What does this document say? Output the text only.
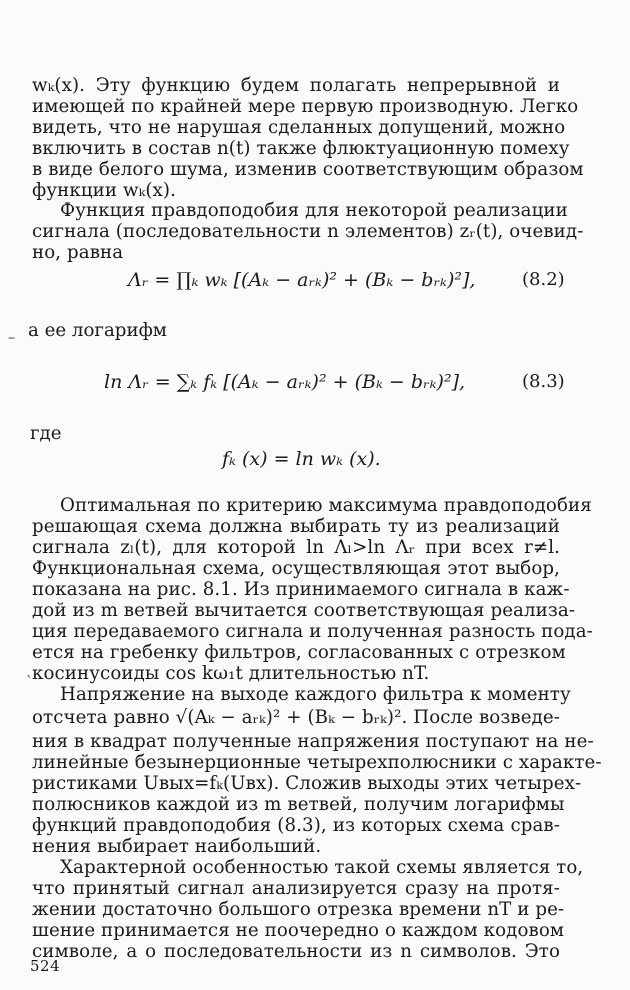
wₖ(x). Эту функцию будем полагать непрерывной и
имеющей по крайней мере первую производную. Легко
видеть, что не нарушая сделанных допущений, можно
включить в состав n(t) также флюктуационную помеху
в виде белого шума, изменив соответствующим образом
функции wₖ(x).
Функция правдоподобия для некоторой реализации
сигнала (последовательности n элементов) zᵣ(t), очевид-
но, равна
Λᵣ = ∏ₖ wₖ [(Aₖ − aᵣₖ)² + (Bₖ − bᵣₖ)²],	(8.2)
а ее логарифм
ln Λᵣ = ∑ₖ fₖ [(Aₖ − aᵣₖ)² + (Bₖ − bᵣₖ)²],	(8.3)
где
fₖ (x) = ln wₖ (x).
Оптимальная по критерию максимума правдоподобия
решающая схема должна выбирать ту из реализаций
сигнала zₗ(t), для которой ln Λₗ>ln Λᵣ при всех r≠l.
Функциональная схема, осуществляющая этот выбор,
показана на рис. 8.1. Из принимаемого сигнала в каж-
дой из m ветвей вычитается соответствующая реализа-
ция передаваемого сигнала и полученная разность пода-
ется на гребенку фильтров, согласованных с отрезком
косинусоиды cos kω₁t длительностью nT.
Напряжение на выходе каждого фильтра к моменту
отсчета равно √(Aₖ − aᵣₖ)² + (Bₖ − bᵣₖ)². После возведе-
ния в квадрат полученные напряжения поступают на не-
линейные безынерционные четырехполюсники с характе-
ристиками Uвых=fₖ(Uвх). Сложив выходы этих четырех-
полюсников каждой из m ветвей, получим логарифмы
функций правдоподобия (8.3), из которых схема срав-
нения выбирает наибольший.
Характерной особенностью такой схемы является то,
что принятый сигнал анализируется сразу на протя-
жении достаточно большого отрезка времени nT и ре-
шение принимается не поочередно о каждом кодовом
символе, а о последовательности из n символов. Это
524
–
`
